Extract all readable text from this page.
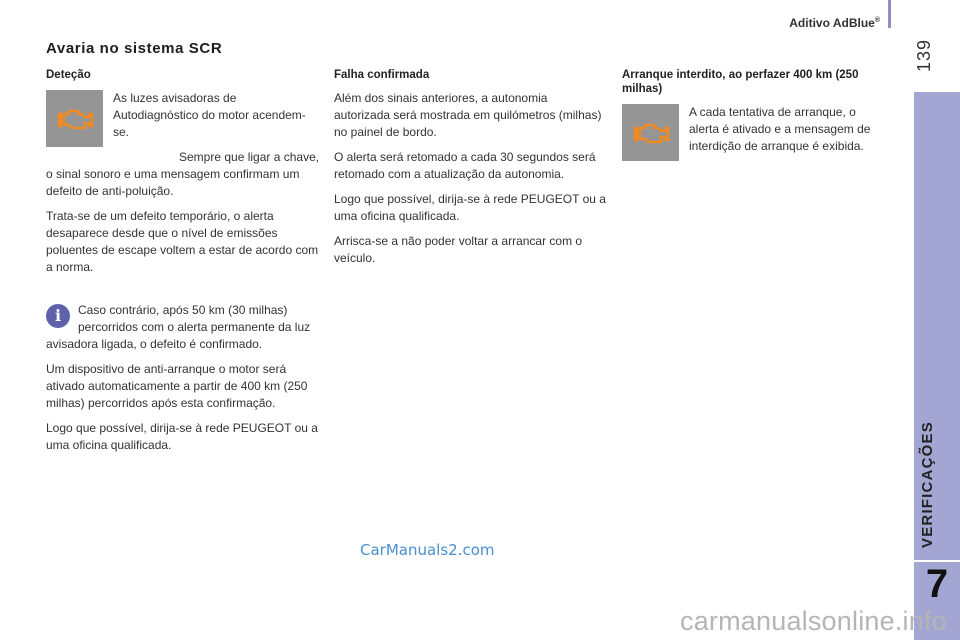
Aditivo AdBlue®
139
VERIFICAÇÕES
7
Avaria no sistema SCR
Deteção

As luzes avisadoras de Autodiagnóstico do motor acendem-se.

Sempre que ligar a chave, o sinal sonoro e uma mensagem confirmam um defeito de anti-poluição.

Trata-se de um defeito temporário, o alerta desaparece desde que o nível de emissões poluentes de escape voltem a estar de acordo com a norma.

i	Caso contrário, após 50 km (30 milhas) percorridos com o alerta permanente da luz avisadora ligada, o defeito é confirmado.

Um dispositivo de anti-arranque o motor será ativado automaticamente a partir de 400 km (250 milhas) percorridos após esta confirmação.

Logo que possível, dirija-se à rede PEUGEOT ou a uma oficina qualificada.

Falha confirmada

Além dos sinais anteriores, a autonomia autorizada será mostrada em quilómetros (milhas) no painel de bordo.

O alerta será retomado a cada 30 segundos será retomado com a atualização da autonomia.

Logo que possível, dirija-se à rede PEUGEOT ou a uma oficina qualificada.

Arrisca-se a não poder voltar a arrancar com o veículo.

Arranque interdito, ao perfazer 400 km (250 milhas)

A cada tentativa de arranque, o alerta é ativado e a mensagem de interdição de arranque é exibida.

CarManuals2.com
carmanualsonline.info
